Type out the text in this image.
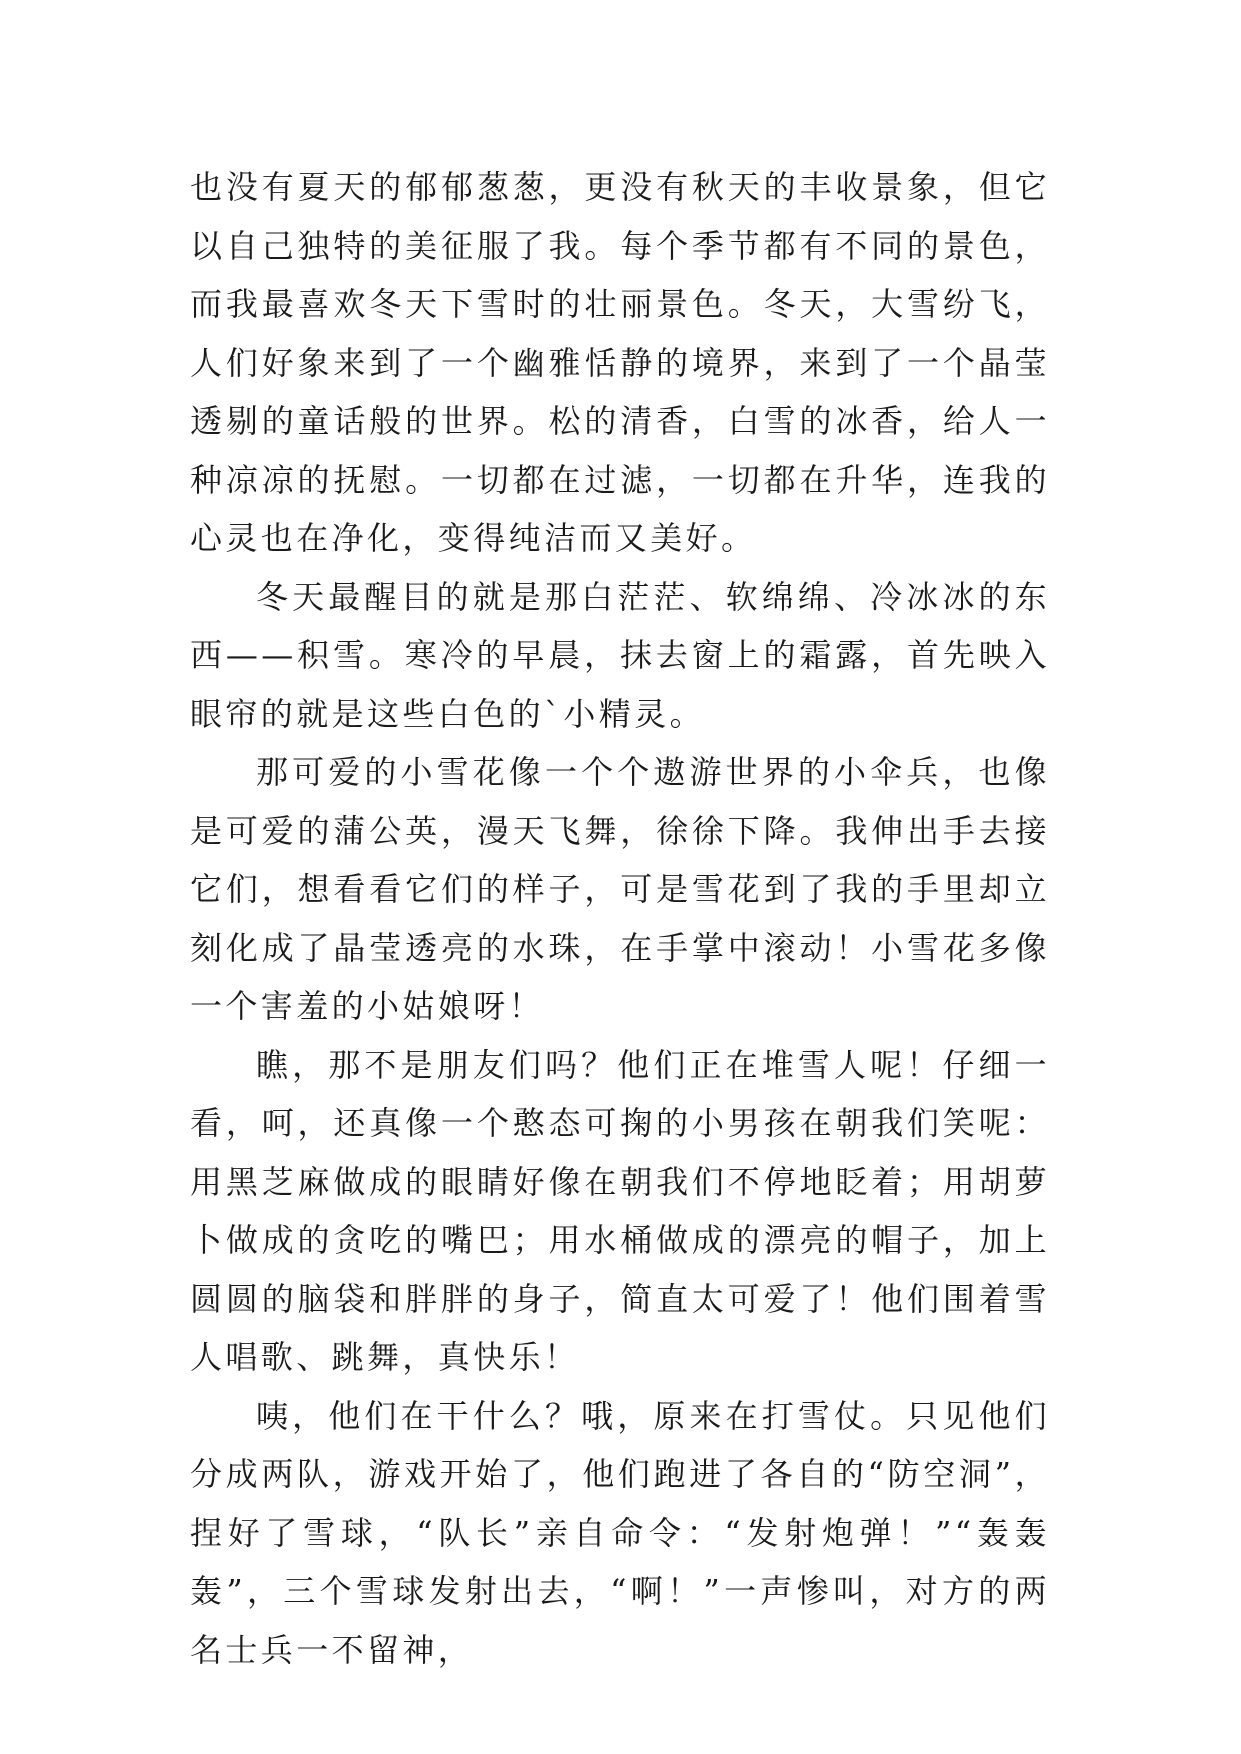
也没有夏天的郁郁葱葱，更没有秋天的丰收景象，但它以自己独特的美征服了我。每个季节都有不同的景色，而我最喜欢冬天下雪时的壮丽景色。冬天，大雪纷飞，人们好象来到了一个幽雅恬静的境界，来到了一个晶莹透剔的童话般的世界。松的清香，白雪的冰香，给人一种凉凉的抚慰。一切都在过滤，一切都在升华，连我的心灵也在净化，变得纯洁而又美好。

冬天最醒目的就是那白茫茫、软绵绵、冷冰冰的东西——积雪。寒冷的早晨，抹去窗上的霜露，首先映入眼帘的就是这些白色的`小精灵。

那可爱的小雪花像一个个遨游世界的小伞兵，也像是可爱的蒲公英，漫天飞舞，徐徐下降。我伸出手去接它们，想看看它们的样子，可是雪花到了我的手里却立刻化成了晶莹透亮的水珠，在手掌中滚动！小雪花多像一个害羞的小姑娘呀！

瞧，那不是朋友们吗？他们正在堆雪人呢！仔细一看，呵，还真像一个憨态可掬的小男孩在朝我们笑呢：用黑芝麻做成的眼睛好像在朝我们不停地眨着；用胡萝卜做成的贪吃的嘴巴；用水桶做成的漂亮的帽子，加上圆圆的脑袋和胖胖的身子，简直太可爱了！他们围着雪人唱歌、跳舞，真快乐！

咦，他们在干什么？哦，原来在打雪仗。只见他们分成两队，游戏开始了，他们跑进了各自的“防空洞”，捏好了雪球，“队长”亲自命令：“发射炮弹！”“轰轰轰”，三个雪球发射出去，“啊！”一声惨叫，对方的两名士兵一不留神，
